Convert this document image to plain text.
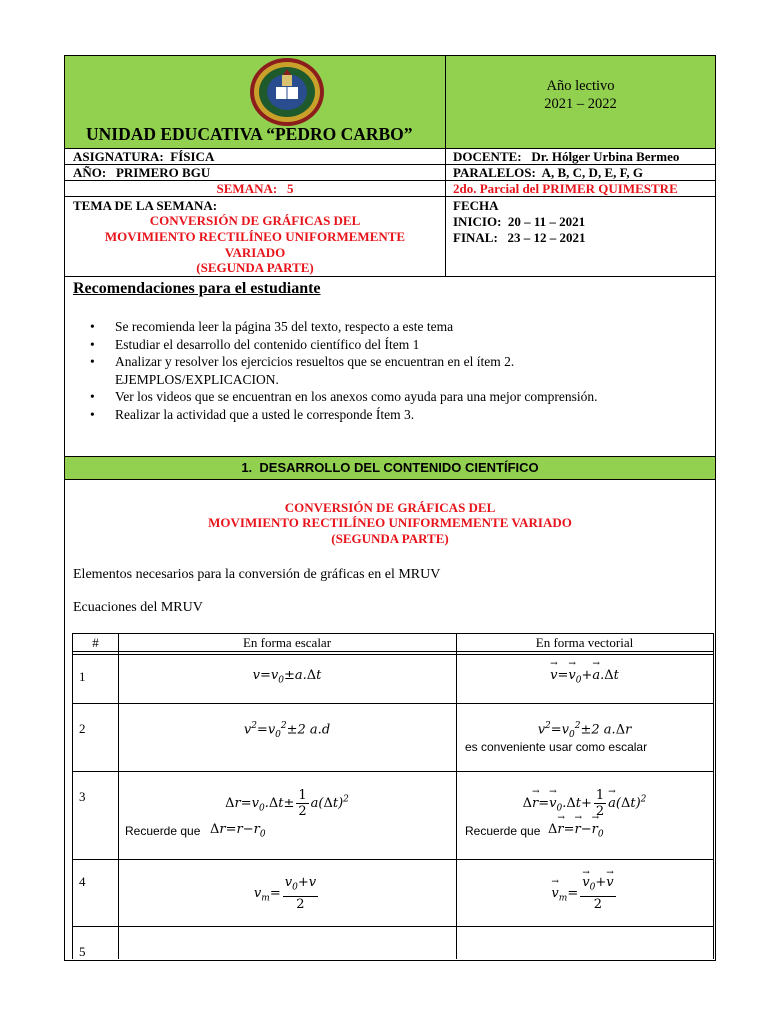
UNIDAD EDUCATIVA “PEDRO CARBO”
Año lectivo
2021 – 2022
ASIGNATURA:  FÍSICA	DOCENTE:   Dr. Hólger Urbina Bermeo
AÑO:   PRIMERO BGU	PARALELOS:  A, B, C, D, E, F, G
SEMANA:   5	2do. Parcial del PRIMER QUIMESTRE
TEMA DE LA SEMANA:
CONVERSIÓN DE GRÁFICAS DEL
MOVIMIENTO RECTILÍNEO UNIFORMEMENTE
VARIADO
(SEGUNDA PARTE)
FECHA
INICIO:  20 – 11 – 2021
FINAL:   23 – 12 – 2021
Recomendaciones para el estudiante
• Se recomienda leer la página 35 del texto, respecto a este tema
• Estudiar el desarrollo del contenido científico del Ítem 1
• Analizar y resolver los ejercicios resueltos que se encuentran en el ítem 2. EJEMPLOS/EXPLICACION.
• Ver los videos que se encuentran en los anexos como ayuda para una mejor comprensión.
• Realizar la actividad que a usted le corresponde Ítem 3.
1.  DESARROLLO DEL CONTENIDO CIENTÍFICO
CONVERSIÓN DE GRÁFICAS DEL
MOVIMIENTO RECTILÍNEO UNIFORMEMENTE VARIADO
(SEGUNDA PARTE)
Elementos necesarios para la conversión de gráficas en el MRUV
Ecuaciones del MRUV
#	En forma escalar	En forma vectorial
1
2
3
4
5
$v=v_0\pm a.\Delta t$
→	$v=\to v_0+\to a.\Delta t$
$v^2=v_0^2\pm 2$ a.d	$v^2=v_0^2\pm 2$ a.Δr
es conveniente usar como escalar
$\Delta r=v_0.\Delta t\pm \frac{1}{2} a(\Delta t)^2$
Recuerde que $\Delta r=r-r_0$
$\Delta\to r=\to v_0.\Delta t+ \frac{1}{2}$
→ $a(\Delta t)^2$
Recuerde que $\Delta\to r=\to r-\to r_0$
$v_m= \frac{v_0+v}{2}$
→	$v_m=$
→ $\frac{v_0+\to v}{2}$
